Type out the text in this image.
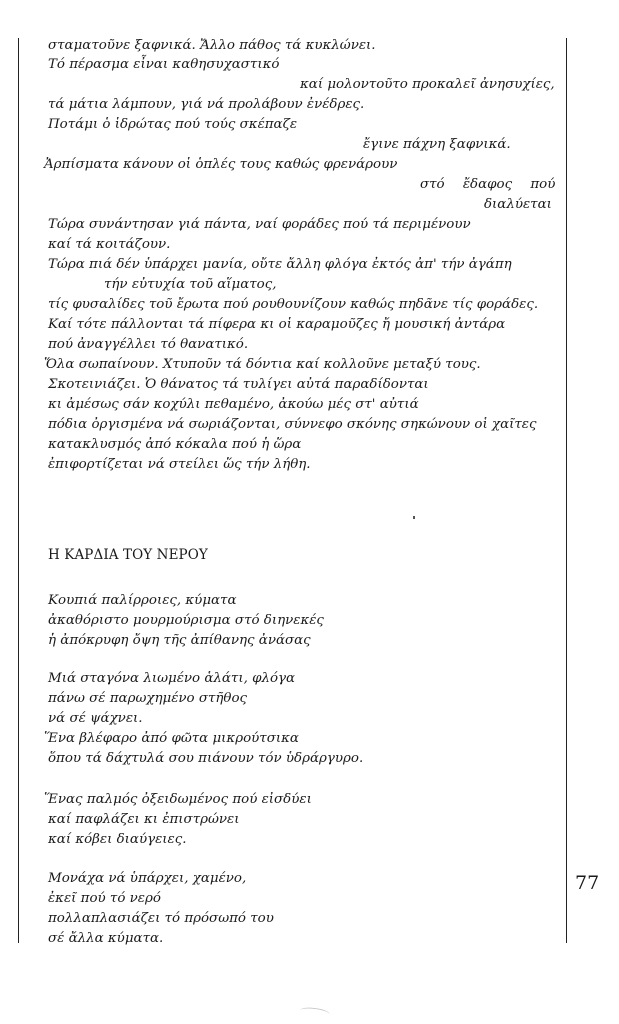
σταματοῦνε ξαφνικά. Ἄλλο πάθος τά κυκλώνει.
Τό πέρασμα εἶναι καθησυχαστικό
καί μολοντοῦτο προκαλεῖ ἀνησυχίες,
τά μάτια λάμπουν, γιά νά προλάβουν ἐνέδρες.
Ποτάμι ὁ ἱδρώτας πού τούς σκέπαζε
ἔγινε πάχνη ξαφνικά.
Ἀρπίσματα κάνουν οἱ ὁπλές τους καθώς φρενάρουν
στό ἔδαφος πού
διαλύεται
Τώρα συνάντησαν γιά πάντα, ναί φοράδες πού τά περιμένουν
καί τά κοιτάζουν.
Τώρα πιά δέν ὑπάρχει μανία, οὔτε ἄλλη φλόγα ἐκτός ἀπ' τήν ἀγάπη
τήν εὐτυχία τοῦ αἵματος,
τίς φυσαλίδες τοῦ ἔρωτα πού ρουθουνίζουν καθώς πηδᾶνε τίς φοράδες.
Καί τότε πάλλονται τά πίφερα κι οἱ καραμοῦζες ἤ μουσική ἀντάρα
πού ἀναγγέλλει τό θανατικό.
Ὅλα σωπαίνουν. Χτυποῦν τά δόντια καί κολλοῦνε μεταξύ τους.
Σκοτεινιάζει. Ὁ θάνατος τά τυλίγει αὐτά παραδίδονται
κι ἀμέσως σάν κοχύλι πεθαμένο, ἀκούω μές στ' αὐτιά
πόδια ὀργισμένα νά σωριάζονται, σύννεφο σκόνης σηκώνουν οἱ χαῖτες
κατακλυσμός ἀπό κόκαλα πού ἡ ὥρα
ἐπιφορτίζεται νά στείλει ὥς τήν λήθη.
Η ΚΑΡΔΙΑ ΤΟΥ ΝΕΡΟΥ
Κουπιά παλίρροιες, κύματα
ἀκαθόριστο μουρμούρισμα στό διηνεκές
ἡ ἀπόκρυφη ὄψη τῆς ἀπίθανης ἀνάσας
Μιά σταγόνα λιωμένο ἁλάτι, φλόγα
πάνω σέ παρωχημένο στῆθος
νά σέ ψάχνει.
Ἕνα βλέφαρο ἀπό φῶτα μικρούτσικα
ὅπου τά δάχτυλά σου πιάνουν τόν ὑδράργυρο.
Ἕνας παλμός ὀξειδωμένος πού εἰσδύει
καί παφλάζει κι ἐπιστρώνει
καί κόβει διαύγειες.
Μονάχα νά ὑπάρχει, χαμένο,
ἐκεῖ πού τό νερό
πολλαπλασιάζει τό πρόσωπό του
σέ ἄλλα κύματα.
77
